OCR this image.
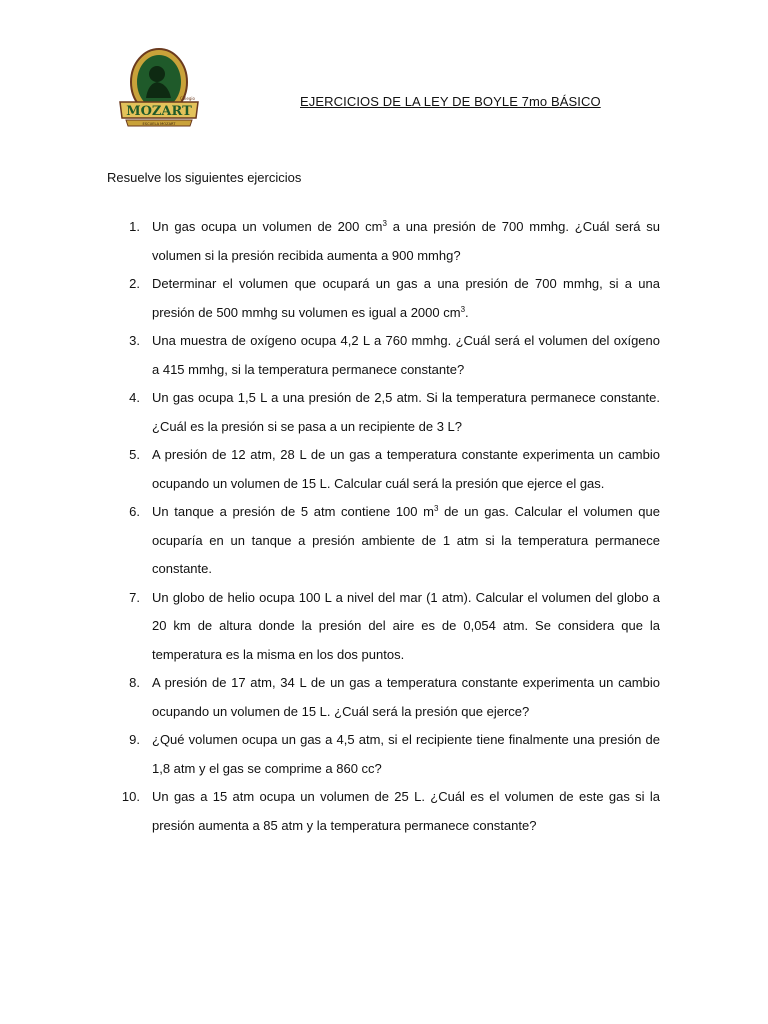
MOZART
Colegio
ESCUELA MOZART
EJERCICIOS DE LA LEY DE BOYLE 7mo BÁSICO
Resuelve los siguientes ejercicios
1. Un gas ocupa un volumen de 200 $cm^3$ a una presión de 700 mmhg. ¿Cuál será su volumen si la presión recibida aumenta a 900 mmhg?
2. Determinar el volumen que ocupará un gas a una presión de 700 mmhg, si a una presión de 500 mmhg su volumen es igual a 2000 $cm^3$.
3. Una muestra de oxígeno ocupa 4,2 L a 760 mmhg. ¿Cuál será el volumen del oxígeno a 415 mmhg, si la temperatura permanece constante?
4. Un gas ocupa 1,5 L a una presión de 2,5 atm. Si la temperatura permanece constante. ¿Cuál es la presión si se pasa a un recipiente de 3 L?
5. A presión de 12 atm, 28 L de un gas a temperatura constante experimenta un cambio ocupando un volumen de 15 L. Calcular cuál será la presión que ejerce el gas.
6. Un tanque a presión de 5 atm contiene 100 $m^3$ de un gas. Calcular el volumen que ocuparía en un tanque a presión ambiente de 1 atm si la temperatura permanece constante.
7. Un globo de helio ocupa 100 L a nivel del mar (1 atm). Calcular el volumen del globo a 20 km de altura donde la presión del aire es de 0,054 atm. Se considera que la temperatura es la misma en los dos puntos.
8. A presión de 17 atm, 34 L de un gas a temperatura constante experimenta un cambio ocupando un volumen de 15 L. ¿Cuál será la presión que ejerce?
9. ¿Qué volumen ocupa un gas a 4,5 atm, si el recipiente tiene finalmente una presión de 1,8 atm y el gas se comprime a 860 cc?
10. Un gas a 15 atm ocupa un volumen de 25 L. ¿Cuál es el volumen de este gas si la presión aumenta a 85 atm y la temperatura permanece constante?
